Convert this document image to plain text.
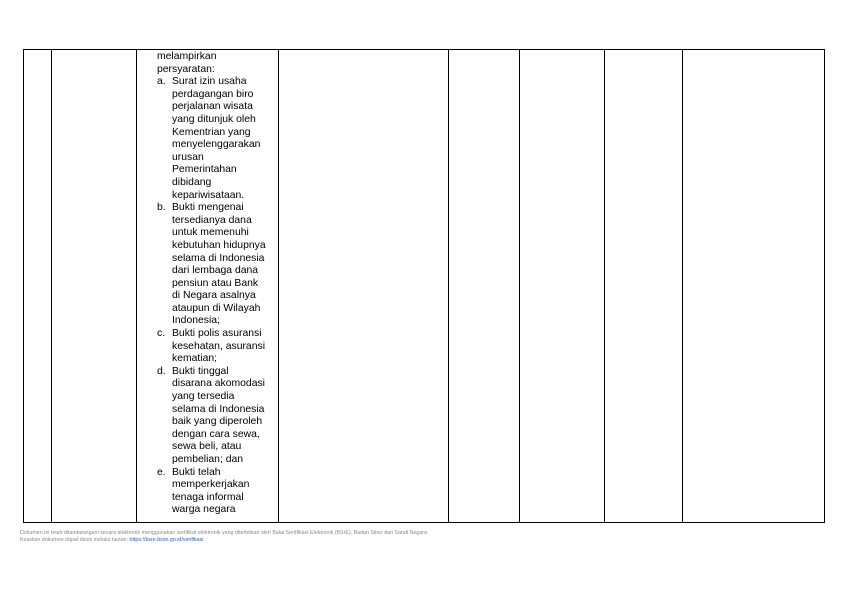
melampirkan
persyaratan:
a. Surat izin usaha
perdagangan biro
perjalanan wisata
yang ditunjuk oleh
Kementrian yang
menyelenggarakan
urusan
Pemerintahan
dibidang
kepariwisataan.
b. Bukti mengenai
tersedianya dana
untuk memenuhi
kebutuhan hidupnya
selama di Indonesia
dari lembaga dana
pensiun atau Bank
di Negara asalnya
ataupun di Wilayah
Indonesia;
c. Bukti polis asuransi
kesehatan, asuransi
kematian;
d. Bukti tinggal
disarana akomodasi
yang tersedia
selama di Indonesia
baik yang diperoleh
dengan cara sewa,
sewa beli, atau
pembelian; dan
e. Bukti telah
memperkerjakan
tenaga informal
warga negara

Dokumen ini telah ditandatangani secara elektronik menggunakan sertifikat elektronik yang diterbitkan oleh Balai Sertifikasi Elektronik (BSrE), Badan Siber dan Sandi Negara
Keaslian dokumen dapat dicek melalui tautan: https://bsre.bssn.go.id/verifikasi
